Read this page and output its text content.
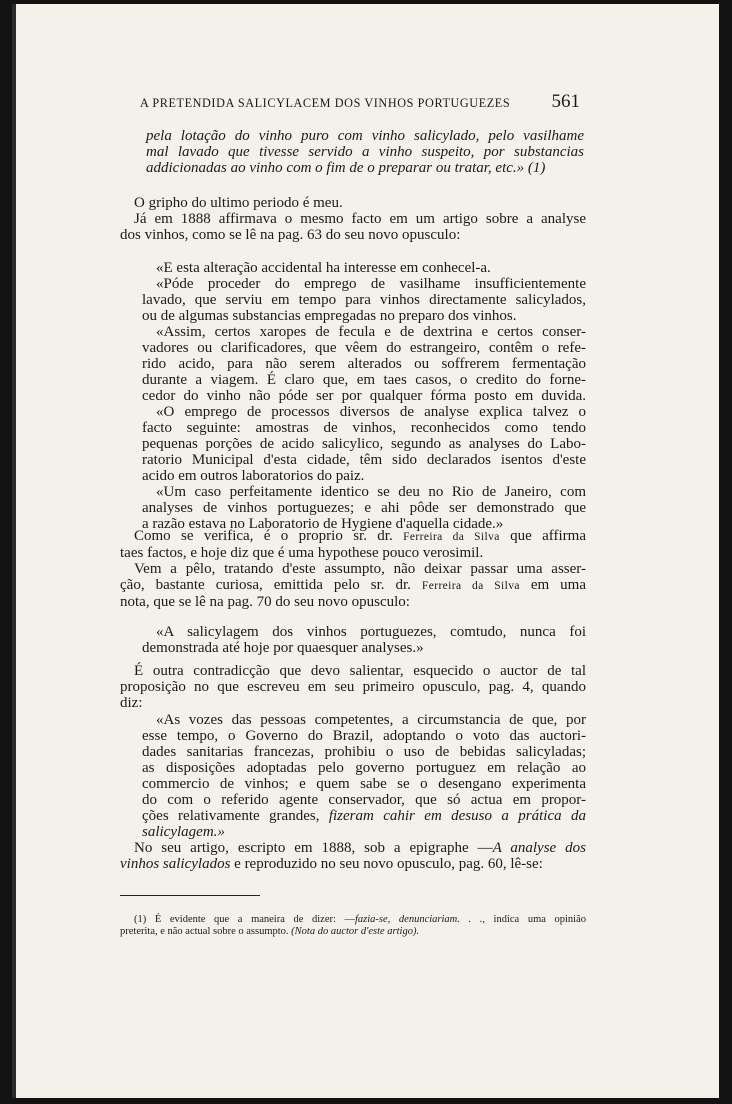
A PRETENDIDA SALICYLACEM DOS VINHOS PORTUGUEZES 561
pela lotação do vinho puro com vinho salicylado, pelo vasilhame
mal lavado que tivesse servido a vinho suspeito, por substancias
addicionadas ao vinho com o fim de o preparar ou tratar, etc.» (1)
O gripho do ultimo periodo é meu.
Já em 1888 affirmava o mesmo facto em um artigo sobre a analyse
dos vinhos, como se lê na pag. 63 do seu novo opusculo:
«E esta alteração accidental ha interesse em conhecel-a.
«Póde proceder do emprego de vasilhame insufficientemente
lavado, que serviu em tempo para vinhos directamente salicylados,
ou de algumas substancias empregadas no preparo dos vinhos.
«Assim, certos xaropes de fecula e de dextrina e certos conser-
vadores ou clarificadores, que vêem do estrangeiro, contêm o refe-
rido acido, para não serem alterados ou soffrerem fermentação
durante a viagem. É claro que, em taes casos, o credito do forne-
cedor do vinho não póde ser por qualquer fórma posto em duvida.
«O emprego de processos diversos de analyse explica talvez o
facto seguinte: amostras de vinhos, reconhecidos como tendo
pequenas porções de acido salicylico, segundo as analyses do Labo-
ratorio Municipal d'esta cidade, têm sido declarados isentos d'este
acido em outros laboratorios do paiz.
«Um caso perfeitamente identico se deu no Rio de Janeiro, com
analyses de vinhos portuguezes; e ahi pôde ser demonstrado que
a razão estava no Laboratorio de Hygiene d'aquella cidade.»
Como se verifica, é o proprio sr. dr. Ferreira da Silva que affirma
taes factos, e hoje diz que é uma hypothese pouco verosimil.
Vem a pêlo, tratando d'este assumpto, não deixar passar uma asser-
ção, bastante curiosa, emittida pelo sr. dr. Ferreira da Silva em uma
nota, que se lê na pag. 70 do seu novo opusculo:
«A salicylagem dos vinhos portuguezes, comtudo, nunca foi
demonstrada até hoje por quaesquer analyses.»
É outra contradicção que devo salientar, esquecido o auctor de tal
proposição no que escreveu em seu primeiro opusculo, pag. 4, quando
diz:
«As vozes das pessoas competentes, a circumstancia de que, por
esse tempo, o Governo do Brazil, adoptando o voto das auctori-
dades sanitarias francezas, prohibiu o uso de bebidas salicyladas;
as disposições adoptadas pelo governo portuguez em relação ao
commercio de vinhos; e quem sabe se o desengano experimenta
do com o referido agente conservador, que só actua em propor-
ções relativamente grandes, fizeram cahir em desuso a prática da
salicylagem.»
No seu artigo, escripto em 1888, sob a epigraphe —A analyse dos
vinhos salicylados e reproduzido no seu novo opusculo, pag. 60, lê-se:
(1) É evidente que a maneira de dizer: —fazia-se, denunciariam. . ., indica uma opinião
preterita, e não actual sobre o assumpto. (Nota do auctor d'este artigo).
